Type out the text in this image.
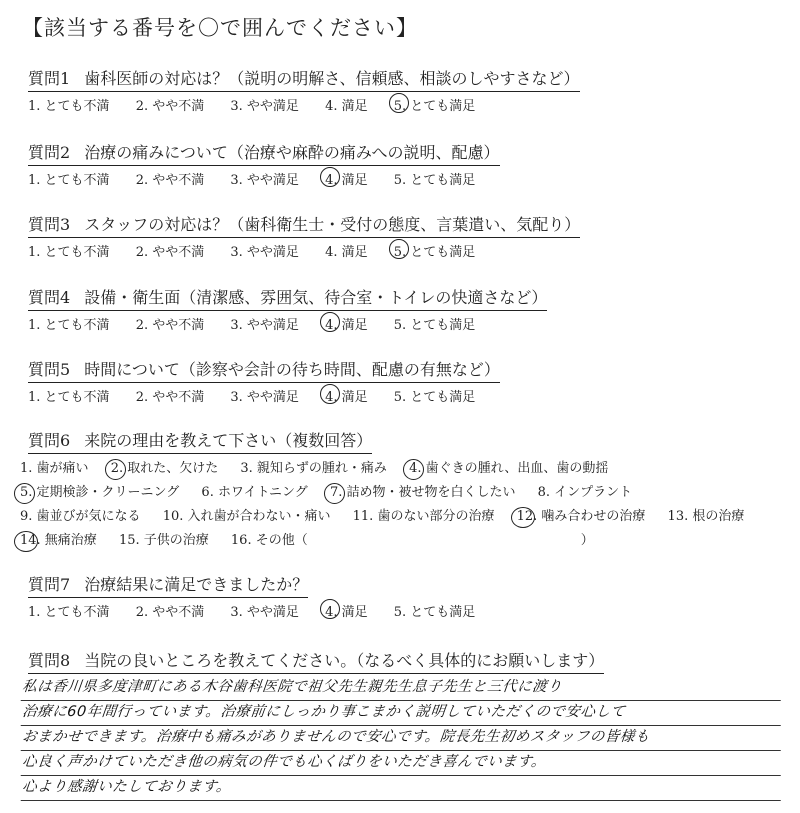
【該当する番号を〇で囲んでください】
質問1 歯科医師の対応は？（説明の明解さ、信頼感、相談のしやすさなど）
1. とても不満 2. やや不満 3. やや満足 4. 満足 5. とても満足
質問2 治療の痛みについて（治療や麻酔の痛みへの説明、配慮）
1. とても不満 2. やや不満 3. やや満足 4. 満足 5. とても満足
質問3 スタッフの対応は？（歯科衛生士・受付の態度、言葉遣い、気配り）
1. とても不満 2. やや不満 3. やや満足 4. 満足 5. とても満足
質問4 設備・衛生面（清潔感、雰囲気、待合室・トイレの快適さなど）
1. とても不満 2. やや不満 3. やや満足 4. 満足 5. とても満足
質問5 時間について（診察や会計の待ち時間、配慮の有無など）
1. とても不満 2. やや不満 3. やや満足 4. 満足 5. とても満足
質問6 来院の理由を教えて下さい（複数回答）
1. 歯が痛い 2. 取れた、欠けた 3. 親知らずの腫れ・痛み 4. 歯ぐきの腫れ、出血、歯の動揺 5. 定期検診・クリーニング 6. ホワイトニング 7. 詰め物・被せ物を白くしたい 8. インプラント 9. 歯並びが気になる 10. 入れ歯が合わない・痛い 11. 歯のない部分の治療 12. 噛み合わせの治療 13. 根の治療 14. 無痛治療 15. 子供の治療 16. その他（　　　　　　　　　　　　　　　　　　　　　）
質問7 治療結果に満足できましたか？
1. とても不満 2. やや不満 3. やや満足 4. 満足 5. とても満足
質問8 当院の良いところを教えてください。（なるべく具体的にお願いします）
私は香川県多度津町にある木谷歯科医院で祖父先生親先生息子先生と三代に渡り
治療に60年間行っています。治療前にしっかり事こまかく説明していただくので安心して
おまかせできます。治療中も痛みがありませんので安心です。院長先生初めスタッフの皆様も
心良く声かけていただき他の病気の件でも心くばりをいただき喜んでいます。
心より感謝いたしております。
